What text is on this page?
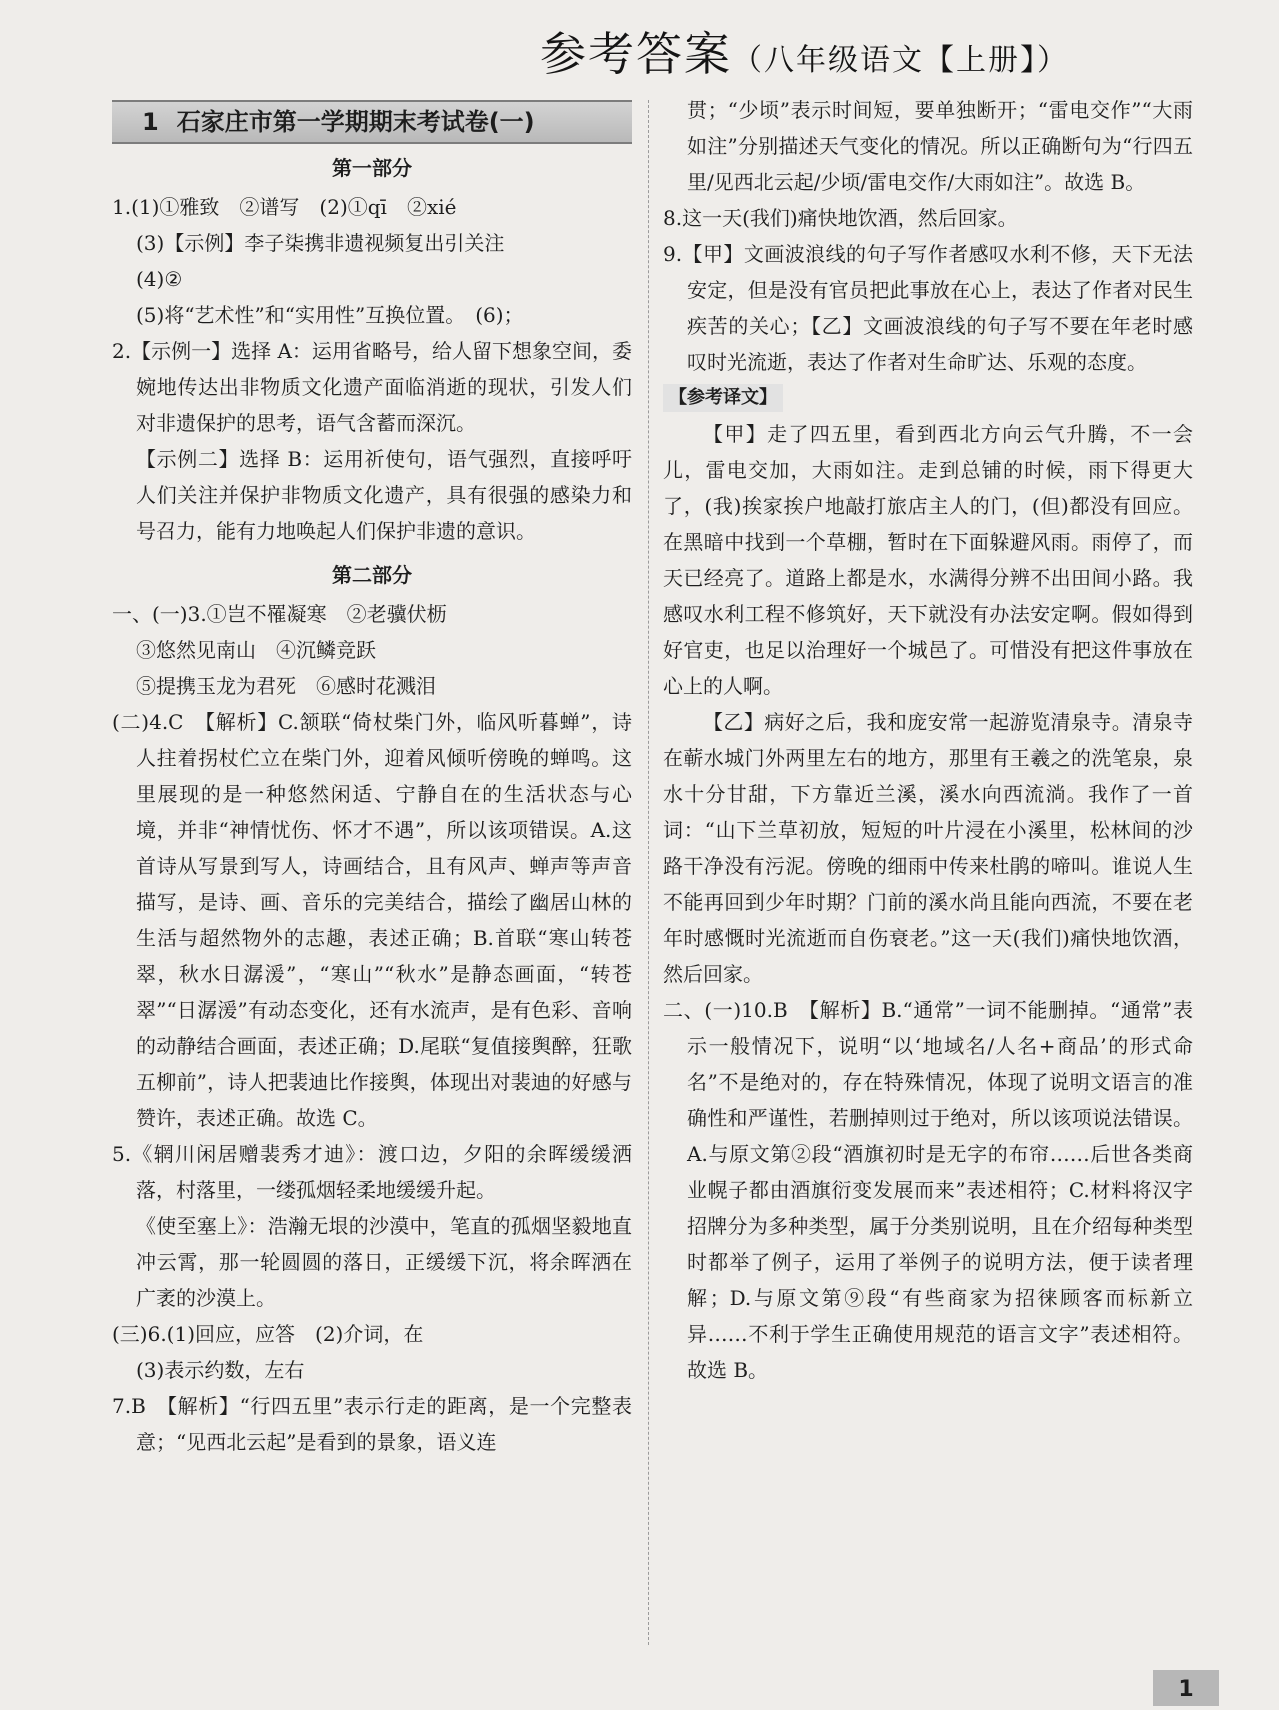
参考答案（八年级语文【上册】）
1 石家庄市第一学期期末考试卷(一)
第一部分

1.(1)①雅致　②谱写　(2)①qī　②xié

(3)【示例】李子柒携非遗视频复出引关注

(4)②

(5)将“艺术性”和“实用性”互换位置。　(6)；

2.【示例一】选择 A：运用省略号，给人留下想象空间，委婉地传达出非物质文化遗产面临消逝的现状，引发人们对非遗保护的思考，语气含蓄而深沉。

【示例二】选择 B：运用祈使句，语气强烈，直接呼吁人们关注并保护非物质文化遗产，具有很强的感染力和号召力，能有力地唤起人们保护非遗的意识。

第二部分

一、(一)3.①岂不罹凝寒　②老骥伏枥

③悠然见南山　④沉鳞竞跃

⑤提携玉龙为君死　⑥感时花溅泪

(二)4.C　【解析】C.颔联“倚杖柴门外，临风听暮蝉”，诗人拄着拐杖伫立在柴门外，迎着风倾听傍晚的蝉鸣。这里展现的是一种悠然闲适、宁静自在的生活状态与心境，并非“神情忧伤、怀才不遇”，所以该项错误。A.这首诗从写景到写人，诗画结合，且有风声、蝉声等声音描写，是诗、画、音乐的完美结合，描绘了幽居山林的生活与超然物外的志趣，表述正确；B.首联“寒山转苍翠，秋水日潺湲”，“寒山”“秋水”是静态画面，“转苍翠”“日潺湲”有动态变化，还有水流声，是有色彩、音响的动静结合画面，表述正确；D.尾联“复值接舆醉，狂歌五柳前”，诗人把裴迪比作接舆，体现出对裴迪的好感与赞许，表述正确。故选 C。

5.《辋川闲居赠裴秀才迪》：渡口边，夕阳的余晖缓缓洒落，村落里，一缕孤烟轻柔地缓缓升起。

《使至塞上》：浩瀚无垠的沙漠中，笔直的孤烟坚毅地直冲云霄，那一轮圆圆的落日，正缓缓下沉，将余晖洒在广袤的沙漠上。

(三)6.(1)回应，应答　(2)介词，在

(3)表示约数，左右

7.B　【解析】“行四五里”表示行走的距离，是一个完整表意；“见西北云起”是看到的景象，语义连

贯；“少顷”表示时间短，要单独断开；“雷电交作”“大雨如注”分别描述天气变化的情况。所以正确断句为“行四五里/见西北云起/少顷/雷电交作/大雨如注”。故选 B。

8.这一天(我们)痛快地饮酒，然后回家。

9.【甲】文画波浪线的句子写作者感叹水利不修，天下无法安定，但是没有官员把此事放在心上，表达了作者对民生疾苦的关心；【乙】文画波浪线的句子写不要在年老时感叹时光流逝，表达了作者对生命旷达、乐观的态度。

【参考译文】

【甲】走了四五里，看到西北方向云气升腾，不一会儿，雷电交加，大雨如注。走到总铺的时候，雨下得更大了，(我)挨家挨户地敲打旅店主人的门，(但)都没有回应。在黑暗中找到一个草棚，暂时在下面躲避风雨。雨停了，而天已经亮了。道路上都是水，水满得分辨不出田间小路。我感叹水利工程不修筑好，天下就没有办法安定啊。假如得到好官吏，也足以治理好一个城邑了。可惜没有把这件事放在心上的人啊。

【乙】病好之后，我和庞安常一起游览清泉寺。清泉寺在蕲水城门外两里左右的地方，那里有王羲之的洗笔泉，泉水十分甘甜，下方靠近兰溪，溪水向西流淌。我作了一首词：“山下兰草初放，短短的叶片浸在小溪里，松林间的沙路干净没有污泥。傍晚的细雨中传来杜鹃的啼叫。谁说人生不能再回到少年时期？门前的溪水尚且能向西流，不要在老年时感慨时光流逝而自伤衰老。”这一天(我们)痛快地饮酒，然后回家。

二、(一)10.B　【解析】B.“通常”一词不能删掉。“通常”表示一般情况下，说明“以‘地域名/人名+商品’的形式命名”不是绝对的，存在特殊情况，体现了说明文语言的准确性和严谨性，若删掉则过于绝对，所以该项说法错误。A.与原文第②段“酒旗初时是无字的布帘……后世各类商业幌子都由酒旗衍变发展而来”表述相符；C.材料将汉字招牌分为多种类型，属于分类别说明，且在介绍每种类型时都举了例子，运用了举例子的说明方法，便于读者理解；D.与原文第⑨段“有些商家为招徕顾客而标新立异……不利于学生正确使用规范的语言文字”表述相符。故选 B。

1
